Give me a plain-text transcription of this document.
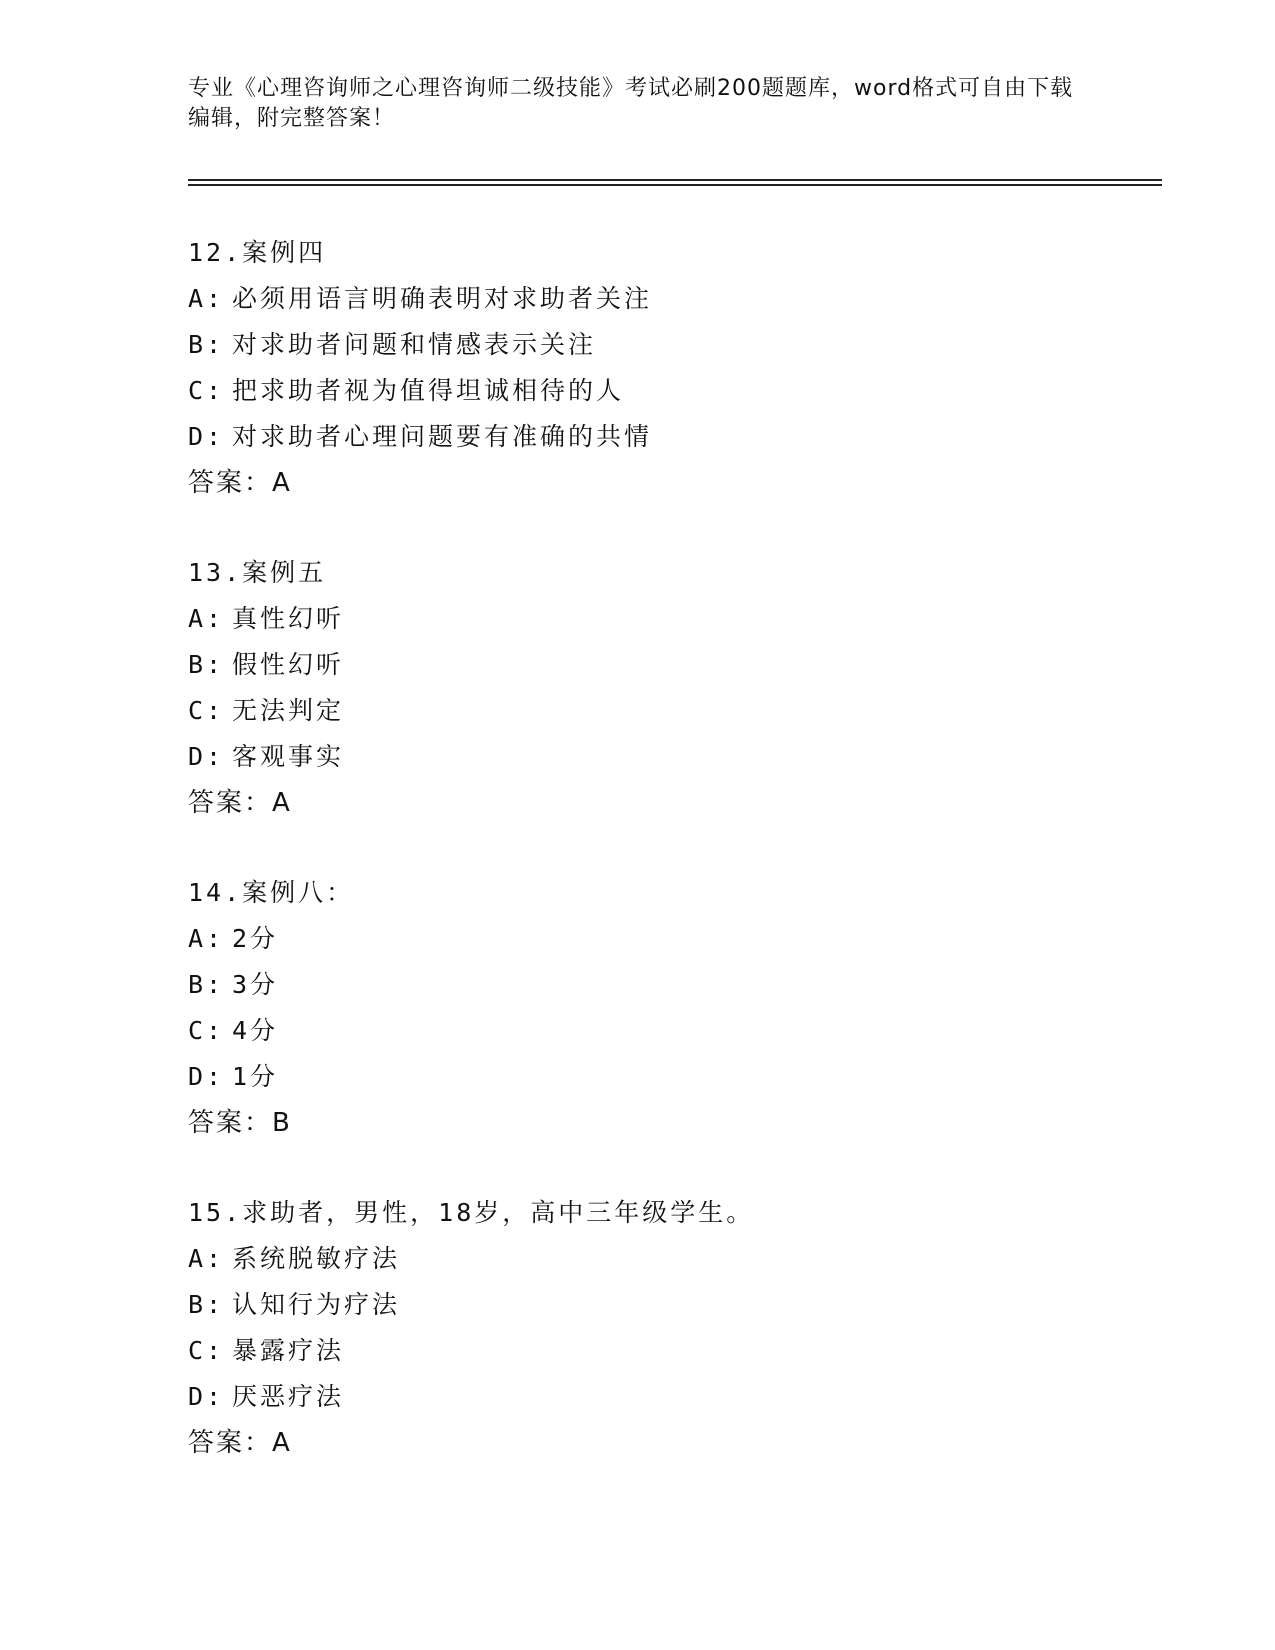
专业《心理咨询师之心理咨询师二级技能》考试必刷200题题库，word格式可自由下载编辑，附完整答案！
12.案例四
A: 必须用语言明确表明对求助者关注
B: 对求助者问题和情感表示关注
C: 把求助者视为值得坦诚相待的人
D: 对求助者心理问题要有准确的共情
答案：A
13.案例五
A: 真性幻听
B: 假性幻听
C: 无法判定
D: 客观事实
答案：A
14.案例八：
A: 2分
B: 3分
C: 4分
D: 1分
答案：B
15.求助者，男性，18岁，高中三年级学生。
A: 系统脱敏疗法
B: 认知行为疗法
C: 暴露疗法
D: 厌恶疗法
答案：A
